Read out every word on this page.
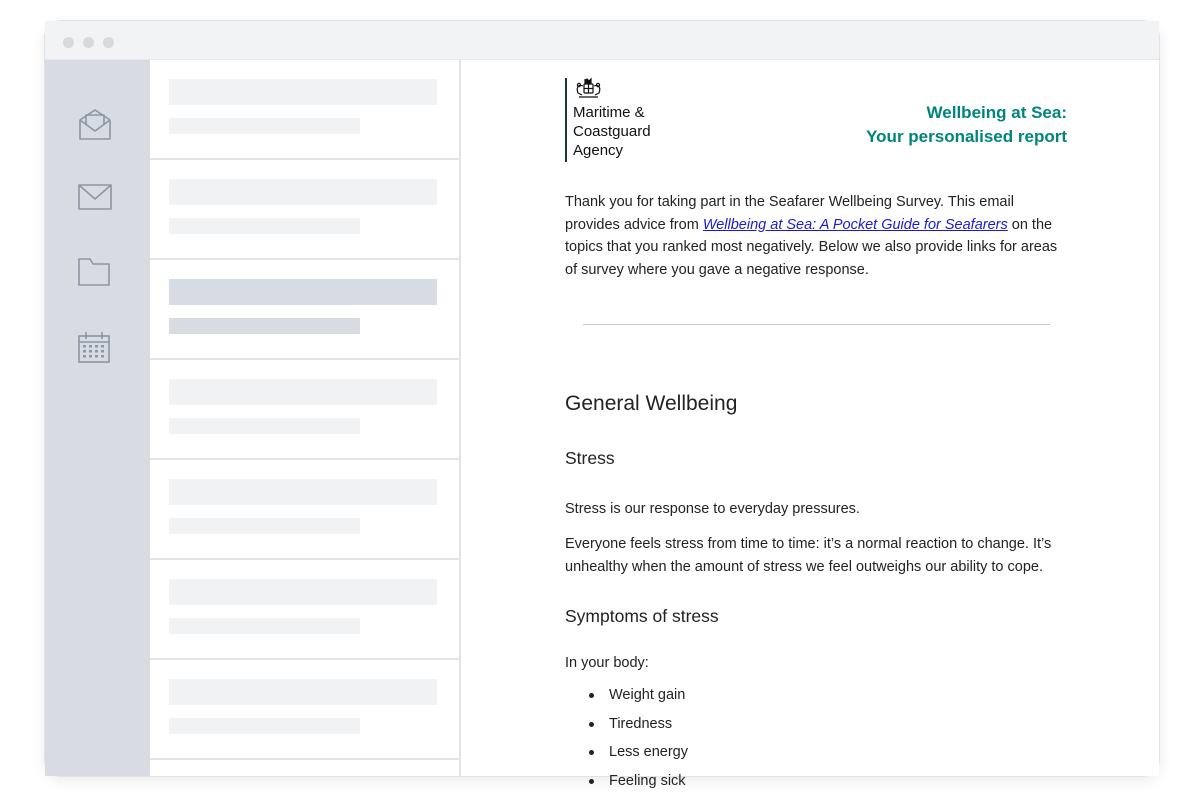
Maritime &
Coastguard
Agency
Wellbeing at Sea:
Your personalised report
Thank you for taking part in the Seafarer Wellbeing Survey. This email provides advice from Wellbeing at Sea: A Pocket Guide for Seafarers on the topics that you ranked most negatively. Below we also provide links for areas of survey where you gave a negative response.
General Wellbeing
Stress
Stress is our response to everyday pressures.
Everyone feels stress from time to time: it’s a normal reaction to change. It’s unhealthy when the amount of stress we feel outweighs our ability to cope.
Symptoms of stress
In your body:
Weight gain
Tiredness
Less energy
Feeling sick
